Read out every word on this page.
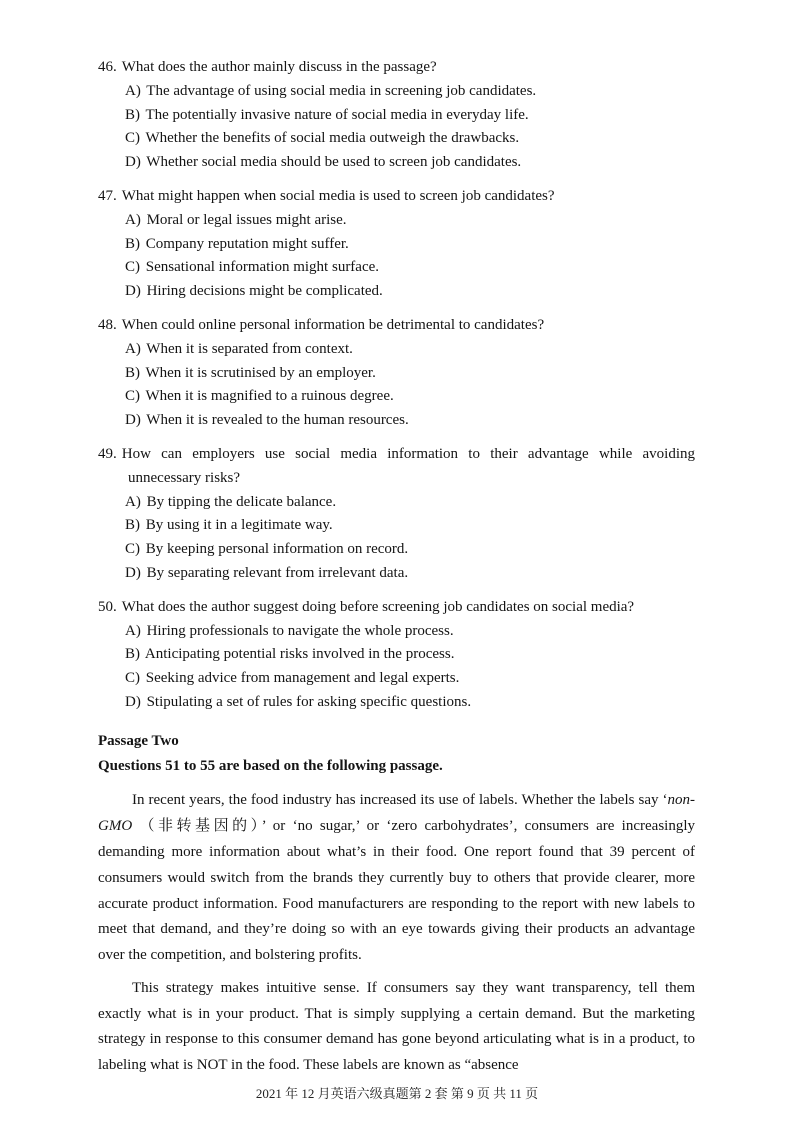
46. What does the author mainly discuss in the passage?
A) The advantage of using social media in screening job candidates.
B) The potentially invasive nature of social media in everyday life.
C) Whether the benefits of social media outweigh the drawbacks.
D) Whether social media should be used to screen job candidates.
47. What might happen when social media is used to screen job candidates?
A) Moral or legal issues might arise.
B) Company reputation might suffer.
C) Sensational information might surface.
D) Hiring decisions might be complicated.
48. When could online personal information be detrimental to candidates?
A) When it is separated from context.
B) When it is scrutinised by an employer.
C) When it is magnified to a ruinous degree.
D) When it is revealed to the human resources.
49. How can employers use social media information to their advantage while avoiding unnecessary risks?
A) By tipping the delicate balance.
B) By using it in a legitimate way.
C) By keeping personal information on record.
D) By separating relevant from irrelevant data.
50. What does the author suggest doing before screening job candidates on social media?
A) Hiring professionals to navigate the whole process.
B) Anticipating potential risks involved in the process.
C) Seeking advice from management and legal experts.
D) Stipulating a set of rules for asking specific questions.
Passage Two
Questions 51 to 55 are based on the following passage.

In recent years, the food industry has increased its use of labels. Whether the labels say ‘non-GMO （非转基因的）’ or ‘no sugar,’ or ‘zero carbohydrates’, consumers are increasingly demanding more information about what’s in their food. One report found that 39 percent of consumers would switch from the brands they currently buy to others that provide clearer, more accurate product information. Food manufacturers are responding to the report with new labels to meet that demand, and they’re doing so with an eye towards giving their products an advantage over the competition, and bolstering profits.

This strategy makes intuitive sense. If consumers say they want transparency, tell them exactly what is in your product. That is simply supplying a certain demand. But the marketing strategy in response to this consumer demand has gone beyond articulating what is in a product, to labeling what is NOT in the food. These labels are known as “absence

2021 年 12 月英语六级真题第 2 套 第 9 页 共 11 页
